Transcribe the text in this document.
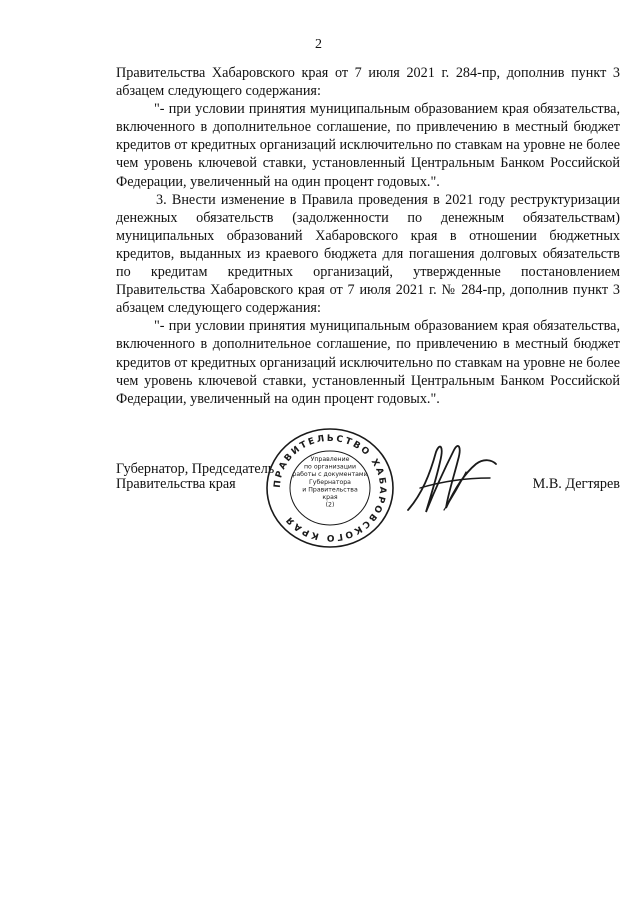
2

Правительства Хабаровского края от 7 июля 2021 г. 284-пр, дополнив пункт 3 абзацем следующего содержания:

"- при условии принятия муниципальным образованием края обязательства, включенного в дополнительное соглашение, по привлечению в местный бюджет кредитов от кредитных организаций исключительно по ставкам на уровне не более чем уровень ключевой ставки, установленный Центральным Банком Российской Федерации, увеличенный на один процент годовых.".

3. Внести изменение в Правила проведения в 2021 году реструктуризации денежных обязательств (задолженности по денежным обязательствам) муниципальных образований Хабаровского края в отношении бюджетных кредитов, выданных из краевого бюджета для погашения долговых обязательств по кредитам кредитных организаций, утвержденные постановлением Правительства Хабаровского края от 7 июля 2021 г. № 284-пр, дополнив пункт 3 абзацем следующего содержания:

"- при условии принятия муниципальным образованием края обязательства, включенного в дополнительное соглашение, по привлечению в местный бюджет кредитов от кредитных организаций исключительно по ставкам на уровне не более чем уровень ключевой ставки, установленный Центральным Банком Российской Федерации, увеличенный на один процент годовых.".

Губернатор, Председатель
Правительства края	М.В. Дегтярев
ПРАВИТЕЛЬСТВО ХАБАРОВСКОГО КРАЯ
Управление
по организации
работы с документами
Губернатора
и Правительства
края
(2)
